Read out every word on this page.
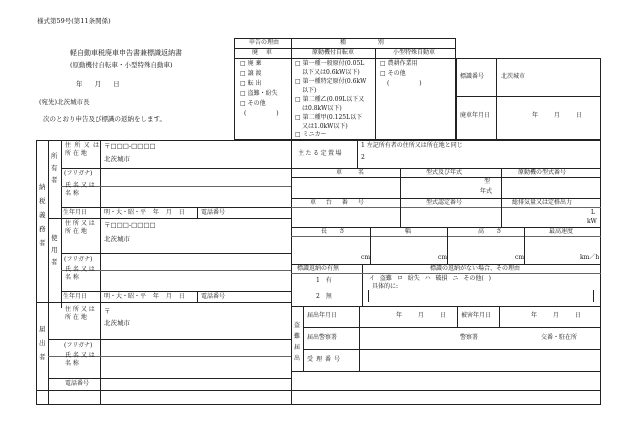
様式第59号(第11条関係)
軽自動車税廃車申告書兼標識返納書
(原動機付自転車・小型特殊自動車)
年 月 日
(宛先)北茨城市長
次のとおり申告及び標識の返納をします。
申告の理由	種 別
廃 車	原動機付自転車	小型特殊自動車
□ 廃 棄
□ 譲 渡
□ 転 出
□ 盗難・紛失
□ その他
( )
□ 第一種一般原付(0.05L
以下又は0.6kW以下)
□ 第一種特定原付(0.6kW
以下)
□ 第二種乙(0.09L以下又
は0.8kW以下)
□ 第二種甲(0.125L以下
又は1.0kW以下)
□ ミニカー
□ 農耕作業用
□ その他
( )
標識番号	北茨城市
廃車年月日	年 月 日
納税義務者
所有者
使用者
届出者
住 所 又 は 所 在 地
〒□□□-□□□□
北茨城市
(フリガナ)
氏 名 又 は 名 称
生年月日	明・大・昭・平 年 月 日	電話番号
住 所 又 は 所 在 地
〒□□□-□□□□
北茨城市
(フリガナ)
氏 名 又 は 名 称
生年月日	明・大・昭・平 年 月 日	電話番号
住 所 又 は 所 在 地
〒
北茨城市
(フリガナ)
氏 名 又 は 名 称
電話番号
主たる定置場
1 左記所有者の住所又は所在地と同じ
2
車 名	型式及び年式	原動機の型式番号
型
年式
車 台 番 号	型式認定番号	総排気量又は定格出力
L
kW
長 さ	幅	高 さ	最高速度
cm	cm	cm	km／h
標識返納の有無	標識の返納がない場合、その理由
1 有
2 無
イ 盗難 ロ 紛失 ハ 破損 ニ その他( )
具体的に:
盗難届出
届出年月日	年 月 日	被害年月日	年 月 日
届出警察署	警察署	交番・駐在所
受理番号
